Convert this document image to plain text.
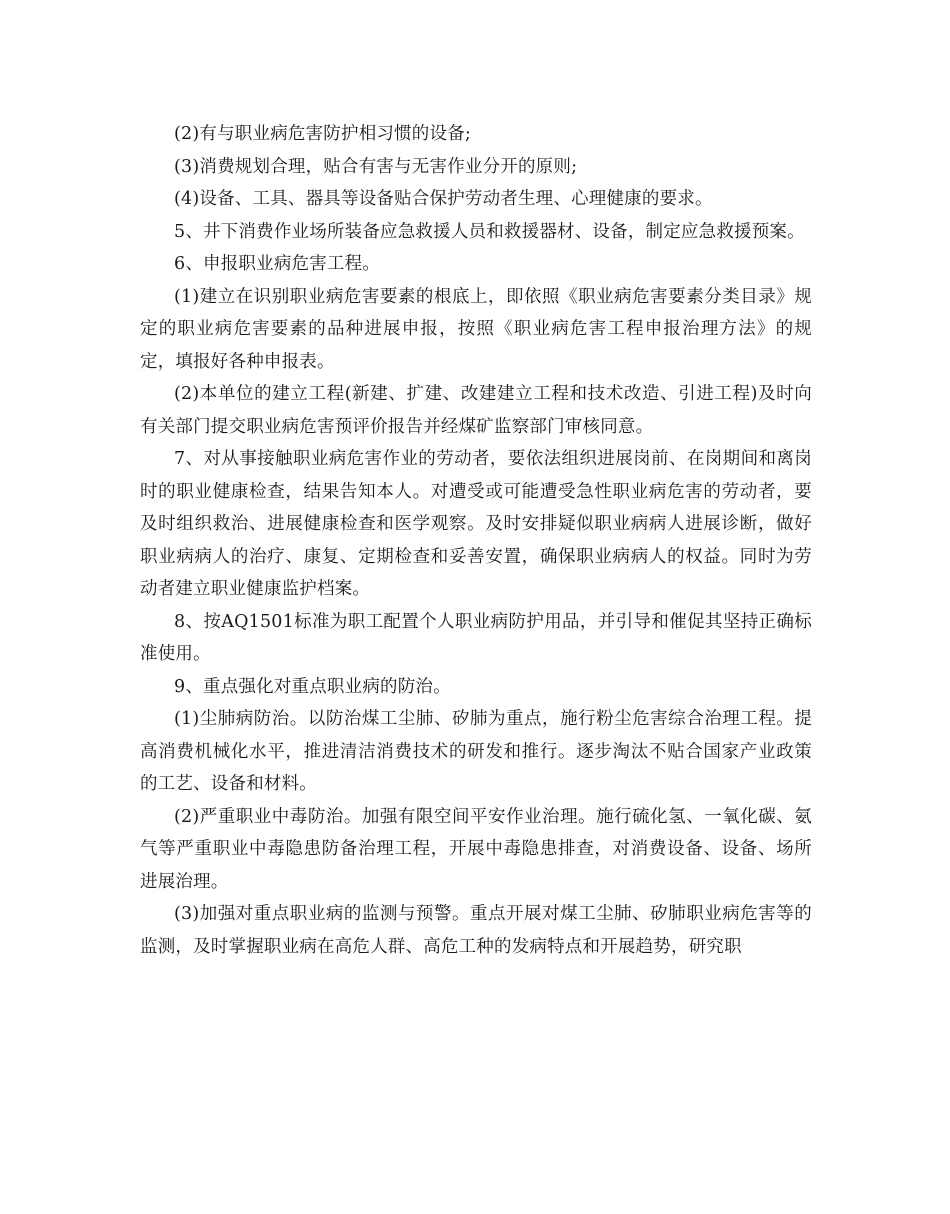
(2)有与职业病危害防护相习惯的设备;

(3)消费规划合理，贴合有害与无害作业分开的原则;

(4)设备、工具、器具等设备贴合保护劳动者生理、心理健康的要求。

5、井下消费作业场所装备应急救援人员和救援器材、设备，制定应急救援预案。

6、申报职业病危害工程。

(1)建立在识别职业病危害要素的根底上，即依照《职业病危害要素分类目录》规定的职业病危害要素的品种进展申报，按照《职业病危害工程申报治理方法》的规定，填报好各种申报表。

(2)本单位的建立工程(新建、扩建、改建建立工程和技术改造、引进工程)及时向有关部门提交职业病危害预评价报告并经煤矿监察部门审核同意。

7、对从事接触职业病危害作业的劳动者，要依法组织进展岗前、在岗期间和离岗时的职业健康检查，结果告知本人。对遭受或可能遭受急性职业病危害的劳动者，要及时组织救治、进展健康检查和医学观察。及时安排疑似职业病病人进展诊断，做好职业病病人的治疗、康复、定期检查和妥善安置，确保职业病病人的权益。同时为劳动者建立职业健康监护档案。

8、按AQ1501标准为职工配置个人职业病防护用品，并引导和催促其坚持正确标准使用。

9、重点强化对重点职业病的防治。

(1)尘肺病防治。以防治煤工尘肺、矽肺为重点，施行粉尘危害综合治理工程。提高消费机械化水平，推进清洁消费技术的研发和推行。逐步淘汰不贴合国家产业政策的工艺、设备和材料。

(2)严重职业中毒防治。加强有限空间平安作业治理。施行硫化氢、一氧化碳、氨气等严重职业中毒隐患防备治理工程，开展中毒隐患排查，对消费设备、设备、场所进展治理。

(3)加强对重点职业病的监测与预警。重点开展对煤工尘肺、矽肺职业病危害等的监测，及时掌握职业病在高危人群、高危工种的发病特点和开展趋势，研究职
